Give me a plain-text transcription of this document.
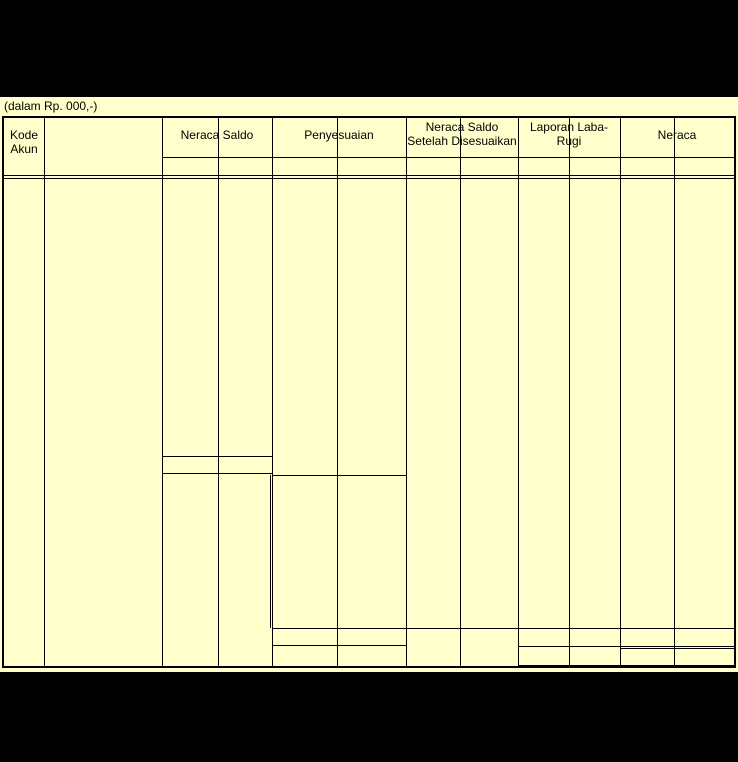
(dalam Rp. 000,-)
Kode Akun
Neraca Saldo	Penyesuaian
Neraca Saldo
Setelah Disesuaikan
Laporan Laba-
Rugi	Neraca
